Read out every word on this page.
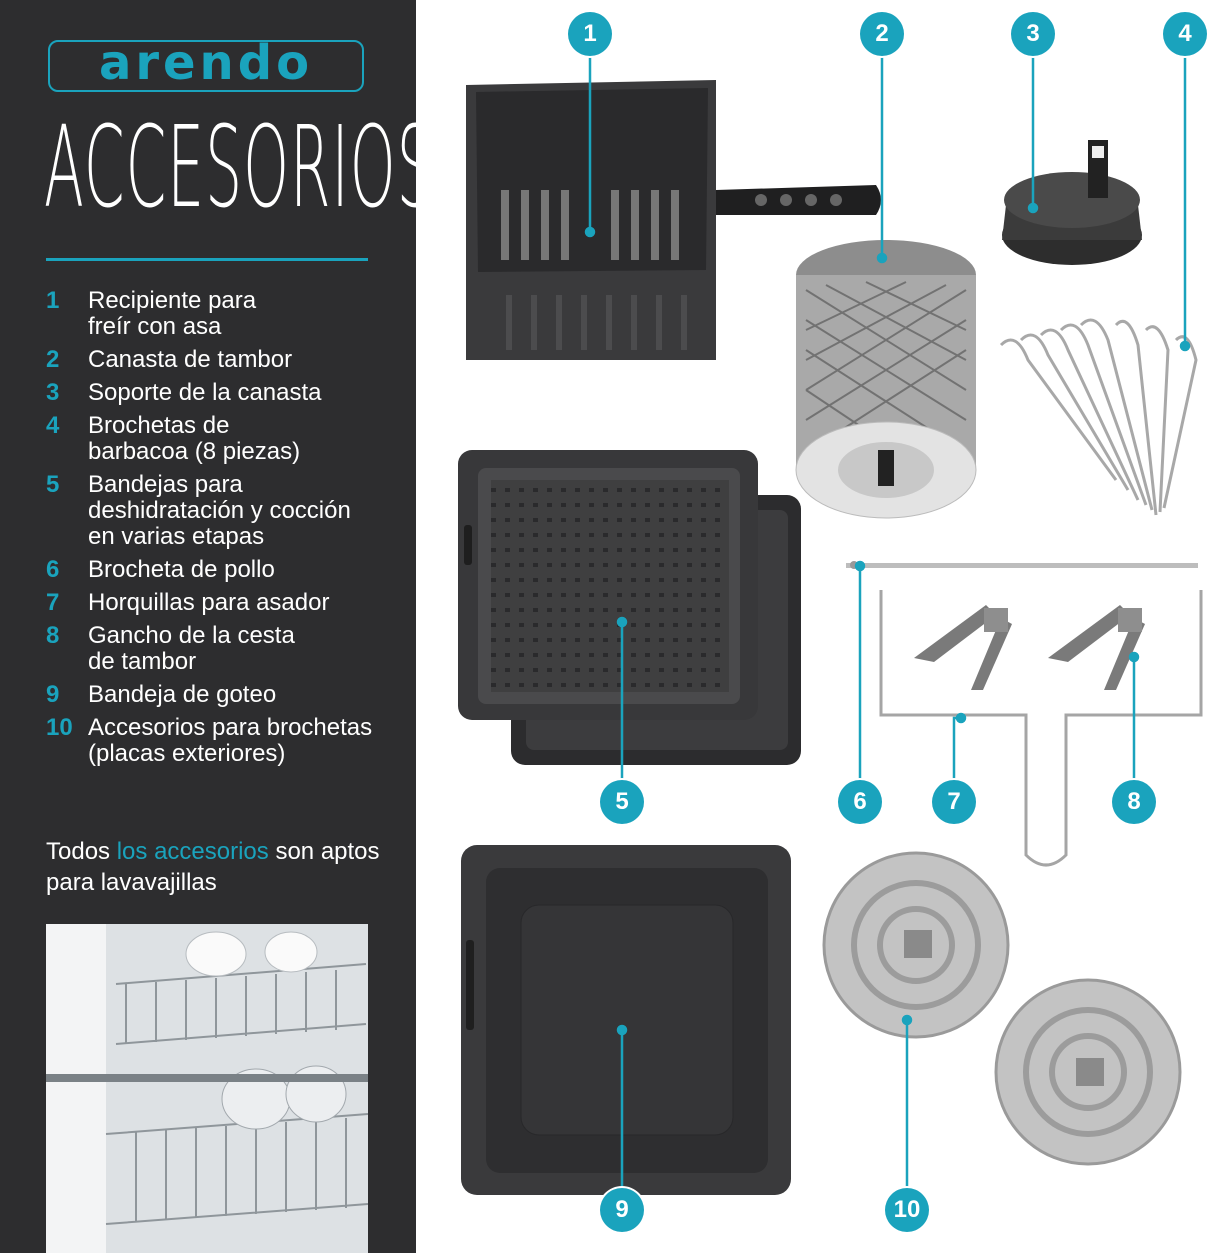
arendo
ACCESORIOS
1	Recipiente para
freír con asa
2	Canasta de tambor
3	Soporte de la canasta
4	Brochetas de
barbacoa (8 piezas)
5	Bandejas para
deshidratación y cocción
en varias etapas
6	Brocheta de pollo
7	Horquillas para asador
8	Gancho de la cesta
de tambor
9	Bandeja de goteo
10 Accesorios para brochetas
(placas exteriores)
Todos los accesorios son aptos para lavavajillas
1	2	3	4
5	6	7	8
9	10
